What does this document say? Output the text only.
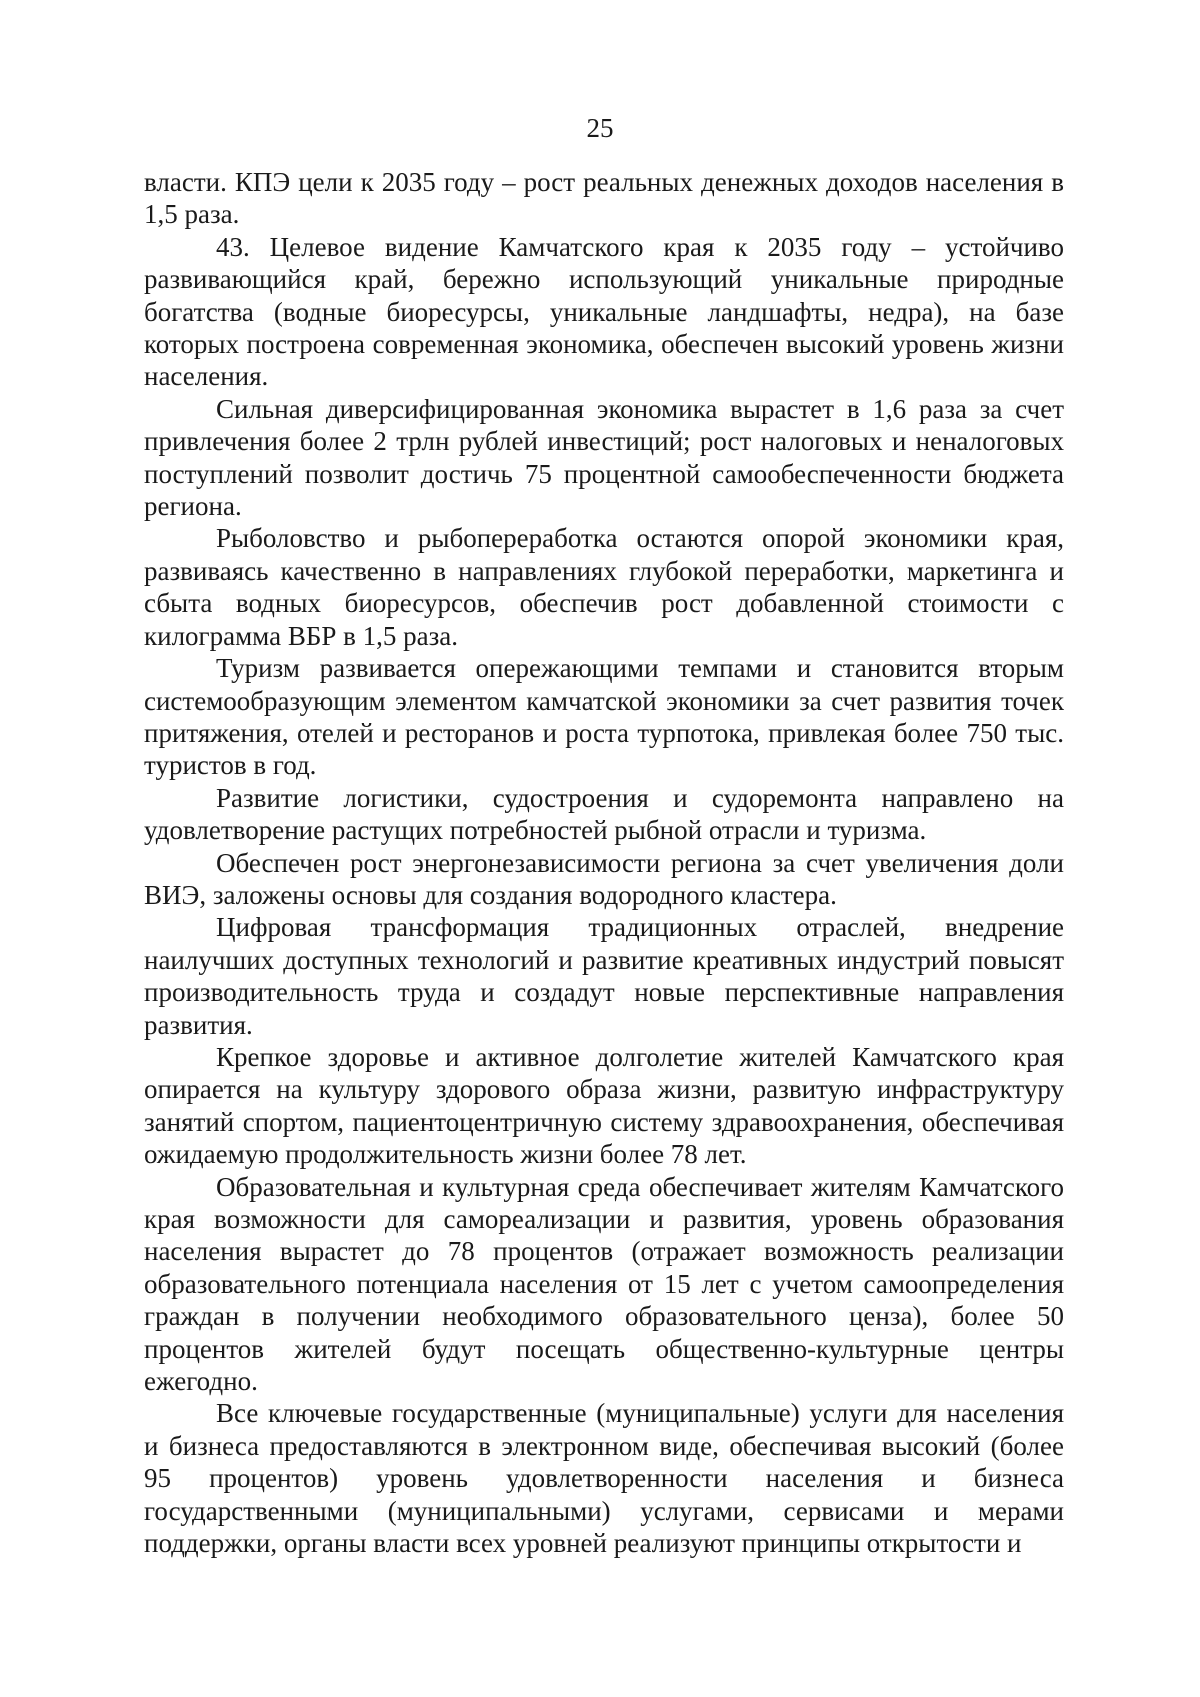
25

власти. КПЭ цели к 2035 году – рост реальных денежных доходов населения в 1,5 раза.

43. Целевое видение Камчатского края к 2035 году – устойчиво развивающийся край, бережно использующий уникальные природные богатства (водные биоресурсы, уникальные ландшафты, недра), на базе которых построена современная экономика, обеспечен высокий уровень жизни населения.

Сильная диверсифицированная экономика вырастет в 1,6 раза за счет привлечения более 2 трлн рублей инвестиций; рост налоговых и неналоговых поступлений позволит достичь 75 процентной самообеспеченности бюджета региона.

Рыболовство и рыбопереработка остаются опорой экономики края, развиваясь качественно в направлениях глубокой переработки, маркетинга и сбыта водных биоресурсов, обеспечив рост добавленной стоимости с килограмма ВБР в 1,5 раза.

Туризм развивается опережающими темпами и становится вторым системообразующим элементом камчатской экономики за счет развития точек притяжения, отелей и ресторанов и роста турпотока, привлекая более 750 тыс. туристов в год.

Развитие логистики, судостроения и судоремонта направлено на удовлетворение растущих потребностей рыбной отрасли и туризма.

Обеспечен рост энергонезависимости региона за счет увеличения доли ВИЭ, заложены основы для создания водородного кластера.

Цифровая трансформация традиционных отраслей, внедрение наилучших доступных технологий и развитие креативных индустрий повысят производительность труда и создадут новые перспективные направления развития.

Крепкое здоровье и активное долголетие жителей Камчатского края опирается на культуру здорового образа жизни, развитую инфраструктуру занятий спортом, пациентоцентричную систему здравоохранения, обеспечивая ожидаемую продолжительность жизни более 78 лет.

Образовательная и культурная среда обеспечивает жителям Камчатского края возможности для самореализации и развития, уровень образования населения вырастет до 78 процентов (отражает возможность реализации образовательного потенциала населения от 15 лет с учетом самоопределения граждан в получении необходимого образовательного ценза), более 50 процентов жителей будут посещать общественно-культурные центры ежегодно.

Все ключевые государственные (муниципальные) услуги для населения и бизнеса предоставляются в электронном виде, обеспечивая высокий (более 95 процентов) уровень удовлетворенности населения и бизнеса государственными (муниципальными) услугами, сервисами и мерами поддержки, органы власти всех уровней реализуют принципы открытости и
